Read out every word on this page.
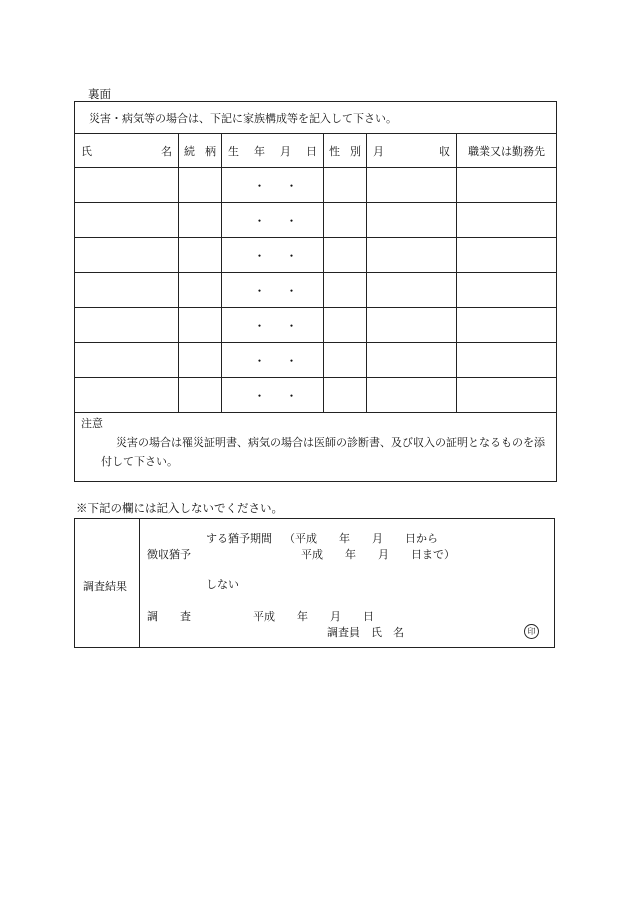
裏面
災害・病気等の場合は、下記に家族構成等を記入して下さい。					

氏 名	続 柄	生 年 月 日	性 別	月 収	職業又は勤務先

		・ ・			

		・ ・			

		・ ・			

		・ ・			

		・ ・			

		・ ・			

		・ ・			

注意
災害の場合は罹災証明書、病気の場合は医師の診断書、及び収入の証明となるものを添付して下さい。					
※下記の欄には記入しないでください。
調査結果
する猶予期間 （平成　　年　　月　　日から
徴収猶予	平成　　年　　月　　日まで）
しない
調　　査	平成　　年　　月　　日
調査員　氏　名	印
